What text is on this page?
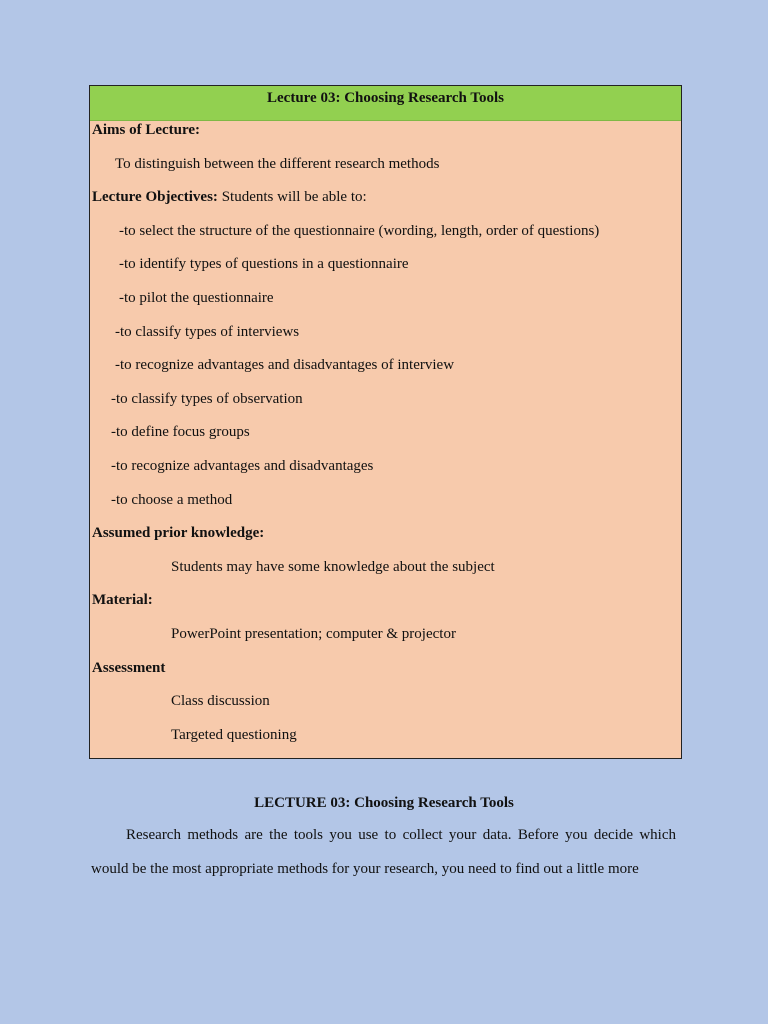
Lecture 03: Choosing Research Tools
Aims of Lecture:
To distinguish between the different research methods
Lecture Objectives: Students will be able to:
-to select the structure of the questionnaire (wording, length, order of questions)
-to identify types of questions in a questionnaire
-to pilot the questionnaire
-to classify types of interviews
-to recognize advantages and disadvantages of interview
-to classify types of observation
-to define focus groups
-to recognize advantages and disadvantages
-to choose a method
Assumed prior knowledge:
Students may have some knowledge about the subject
Material:
PowerPoint presentation; computer & projector
Assessment
Class discussion
Targeted questioning
LECTURE 03: Choosing Research Tools
Research methods are the tools you use to collect your data. Before you decide which would be the most appropriate methods for your research, you need to find out a little more
